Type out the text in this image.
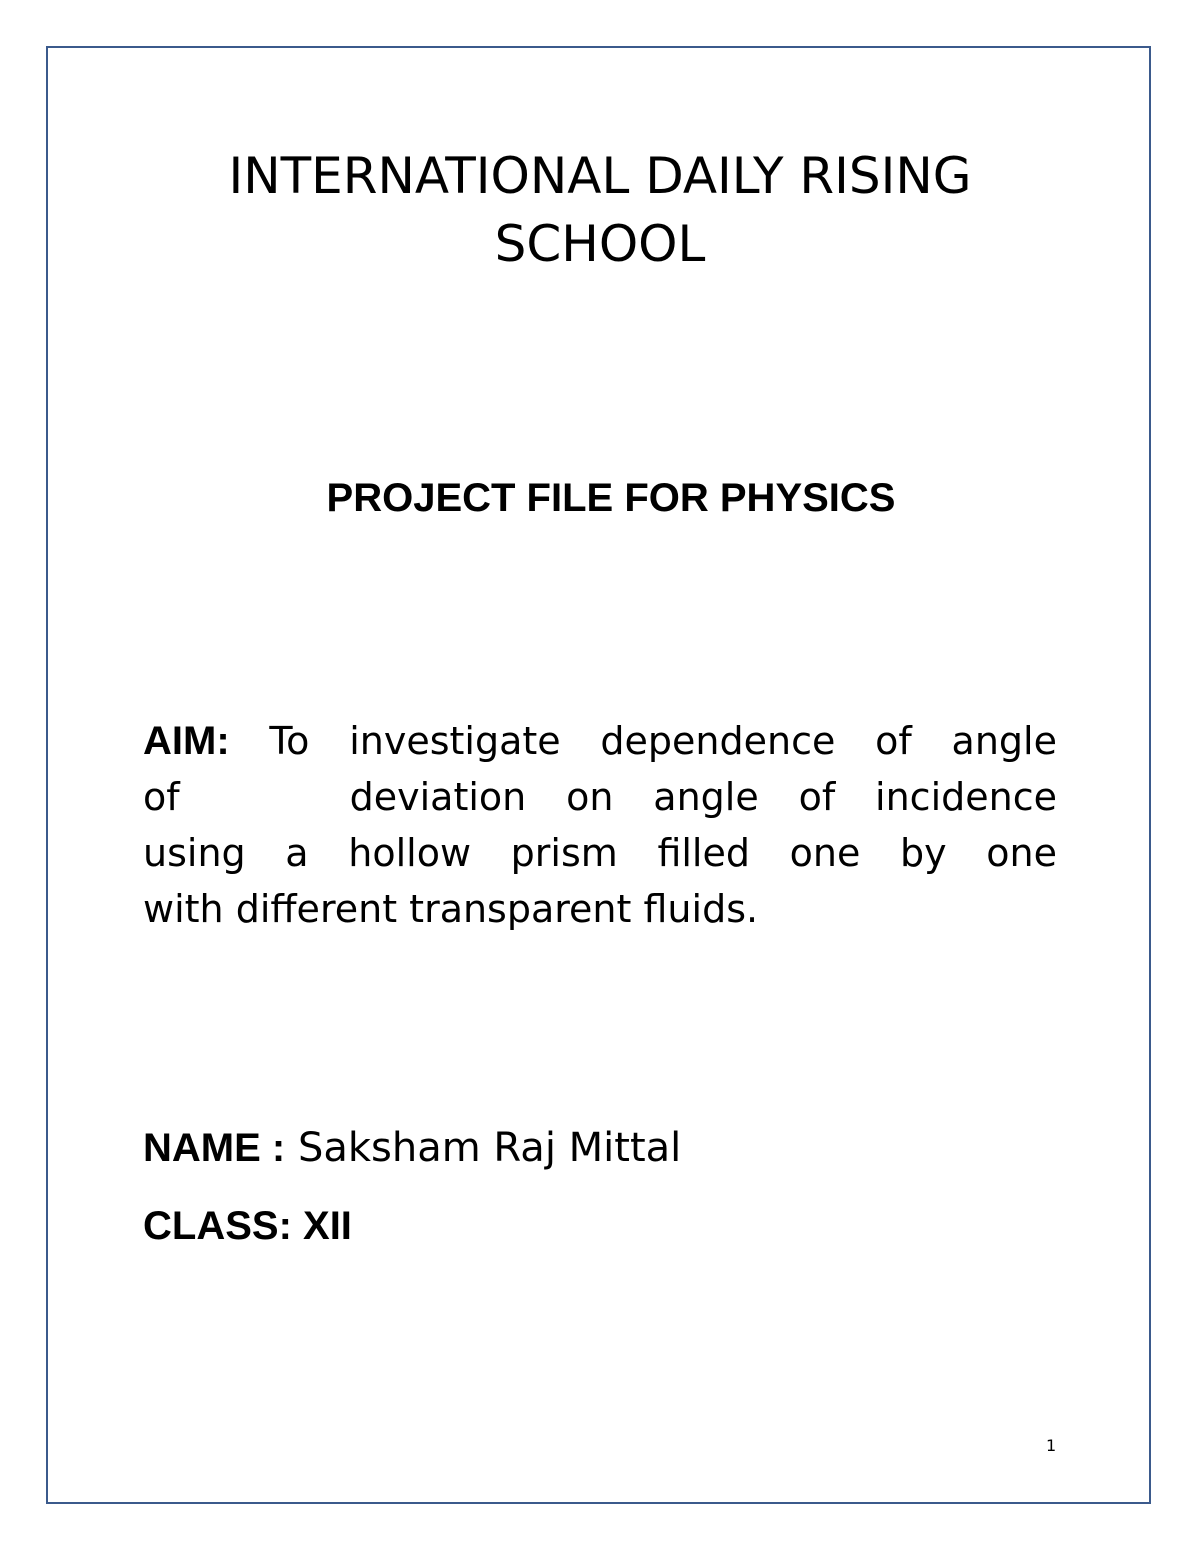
INTERNATIONAL DAILY RISING
SCHOOL
PROJECT FILE FOR PHYSICS
AIM: To investigate dependence of angle
of	deviation on angle of incidence
using a hollow prism filled one by one
with different transparent fluids.
NAME : Saksham Raj Mittal
CLASS: XII
1
